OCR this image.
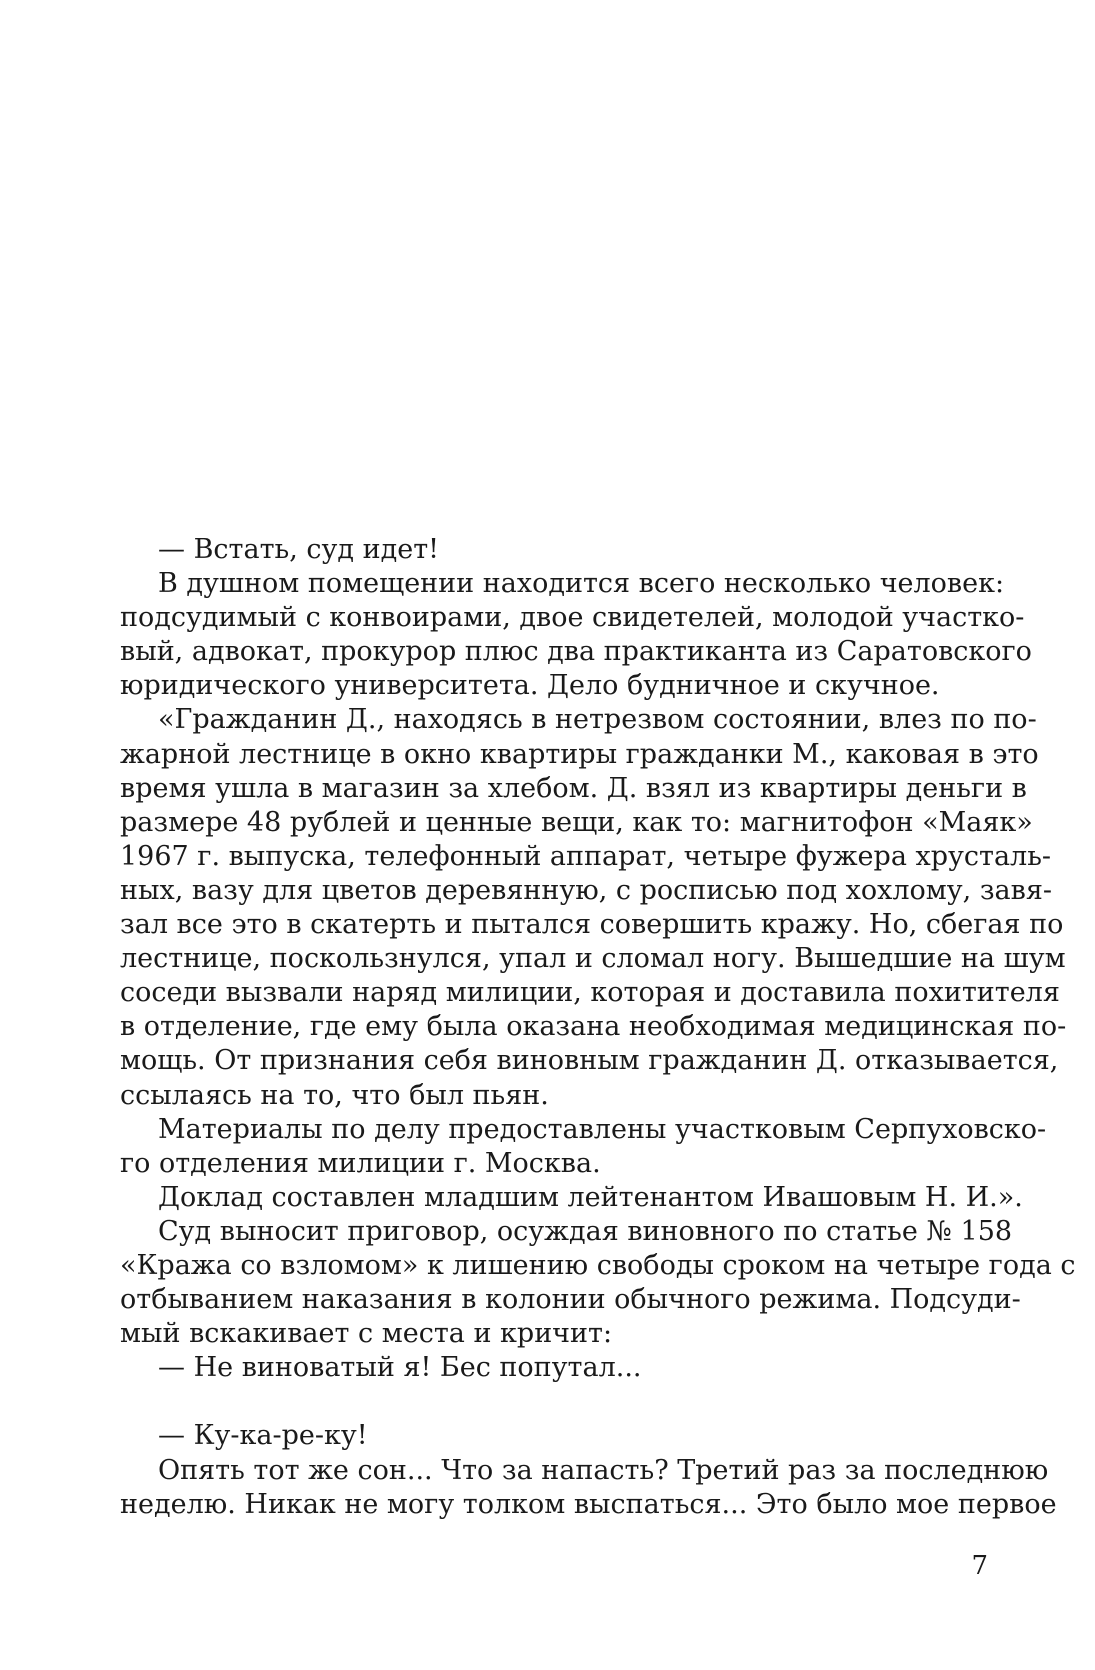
— Встать, суд идет!
В душном помещении находится всего несколько человек:
подсудимый с конвоирами, двое свидетелей, молодой участко-
вый, адвокат, прокурор плюс два практиканта из Саратовского
юридического университета. Дело будничное и скучное.
«Гражданин Д., находясь в нетрезвом состоянии, влез по по-
жарной лестнице в окно квартиры гражданки М., каковая в это
время ушла в магазин за хлебом. Д. взял из квартиры деньги в
размере 48 рублей и ценные вещи, как то: магнитофон «Маяк»
1967 г. выпуска, телефонный аппарат, четыре фужера хрусталь-
ных, вазу для цветов деревянную, с росписью под хохлому, завя-
зал все это в скатерть и пытался совершить кражу. Но, сбегая по
лестнице, поскользнулся, упал и сломал ногу. Вышедшие на шум
соседи вызвали наряд милиции, которая и доставила похитителя
в отделение, где ему была оказана необходимая медицинская по-
мощь. От признания себя виновным гражданин Д. отказывается,
ссылаясь на то, что был пьян.
Материалы по делу предоставлены участковым Серпуховско-
го отделения милиции г. Москва.
Доклад составлен младшим лейтенантом Ивашовым Н. И.».
Суд выносит приговор, осуждая виновного по статье № 158
«Кража со взломом» к лишению свободы сроком на четыре года с
отбыванием наказания в колонии обычного режима. Подсуди-
мый вскакивает с места и кричит:
— Не виноватый я! Бес попутал...
— Ку-ка-ре-ку!
Опять тот же сон... Что за напасть? Третий раз за последнюю
неделю. Никак не могу толком выспаться... Это было мое первое
7
